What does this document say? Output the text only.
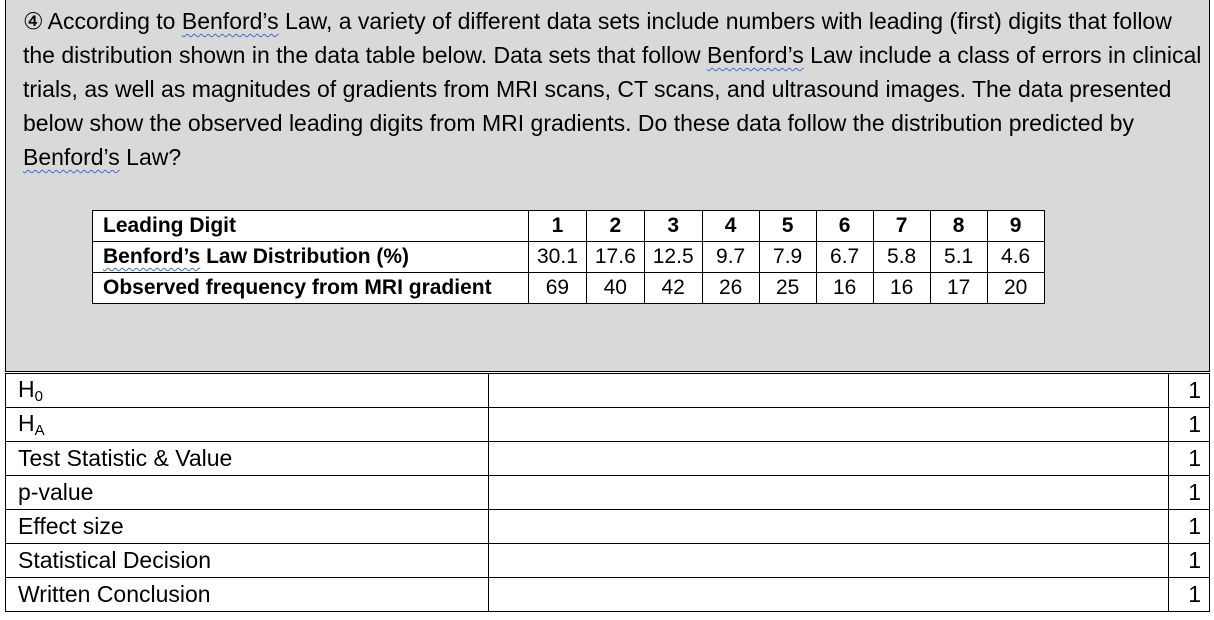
④ According to Benford’s Law, a variety of different data sets include numbers with leading (first) digits that follow the distribution shown in the data table below. Data sets that follow Benford’s Law include a class of errors in clinical trials, as well as magnitudes of gradients from MRI scans, CT scans, and ultrasound images. The data presented below show the observed leading digits from MRI gradients. Do these data follow the distribution predicted by Benford’s Law?
Leading Digit	1	2	3	4	5	6	7	8	9
Benford’s Law Distribution (%)	30.1	17.6	12.5	9.7	7.9	6.7	5.8	5.1	4.6
Observed frequency from MRI gradient	69	40	42	26	25	16	16	17	20
$H_0$		1
$H_A$		1
Test Statistic & Value		1
p-value		1
Effect size		1
Statistical Decision		1
Written Conclusion		1
